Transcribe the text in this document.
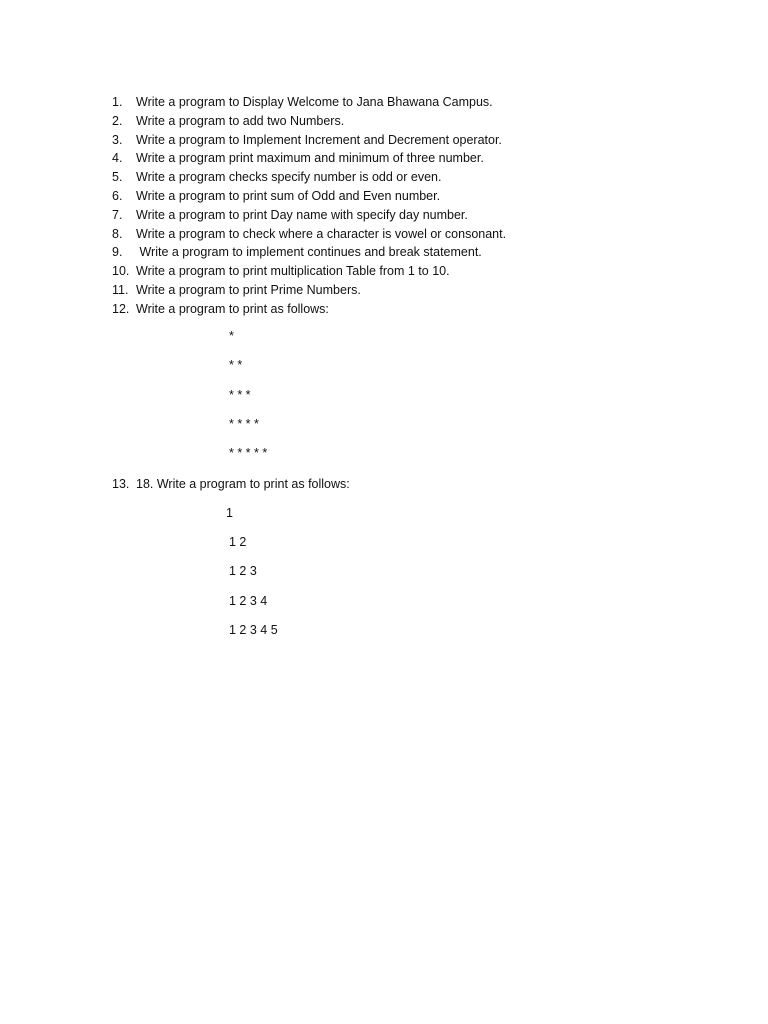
1. Write a program to Display Welcome to Jana Bhawana Campus.
2. Write a program to add two Numbers.
3. Write a program to Implement Increment and Decrement operator.
4. Write a program print maximum and minimum of three number.
5. Write a program checks specify number is odd or even.
6. Write a program to print sum of Odd and Even number.
7. Write a program to print Day name with specify day number.
8. Write a program to check where a character is vowel or consonant.
9. Write a program to implement continues and break statement.
10. Write a program to print multiplication Table from 1 to 10.
11. Write a program to print Prime Numbers.
12. Write a program to print as follows:
*
* *
* * *
* * * *
* * * * *
13. 18. Write a program to print as follows:
1
1 2
1 2 3
1 2 3 4
1 2 3 4 5
